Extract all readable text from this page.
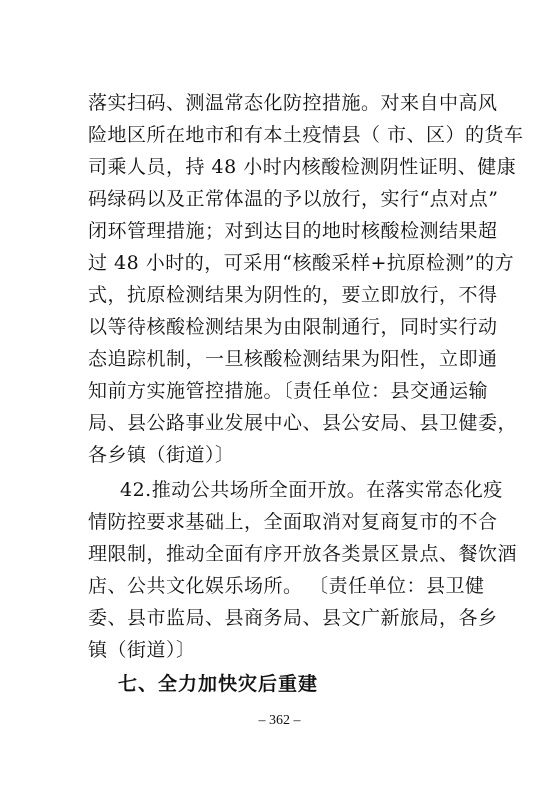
落实扫码、测温常态化防控措施。对来自中高风
险地区所在地市和有本土疫情县（ 市、区）的货车
司乘人员，持 48 小时内核酸检测阴性证明、健康
码绿码以及正常体温的予以放行，实行“点对点”
闭环管理措施；对到达目的地时核酸检测结果超
过 48 小时的，可采用“核酸采样+抗原检测”的方
式，抗原检测结果为阴性的，要立即放行，不得
以等待核酸检测结果为由限制通行，同时实行动
态追踪机制，一旦核酸检测结果为阳性，立即通
知前方实施管控措施。〔责任单位：县交通运输
局、县公路事业发展中心、县公安局、县卫健委，
各乡镇（街道）〕
42.推动公共场所全面开放。在落实常态化疫
情防控要求基础上，全面取消对复商复市的不合
理限制，推动全面有序开放各类景区景点、餐饮酒
店、公共文化娱乐场所。 〔责任单位：县卫健
委、县市监局、县商务局、县文广新旅局，各乡
镇（街道）〕
七、全力加快灾后重建
– 362 –
